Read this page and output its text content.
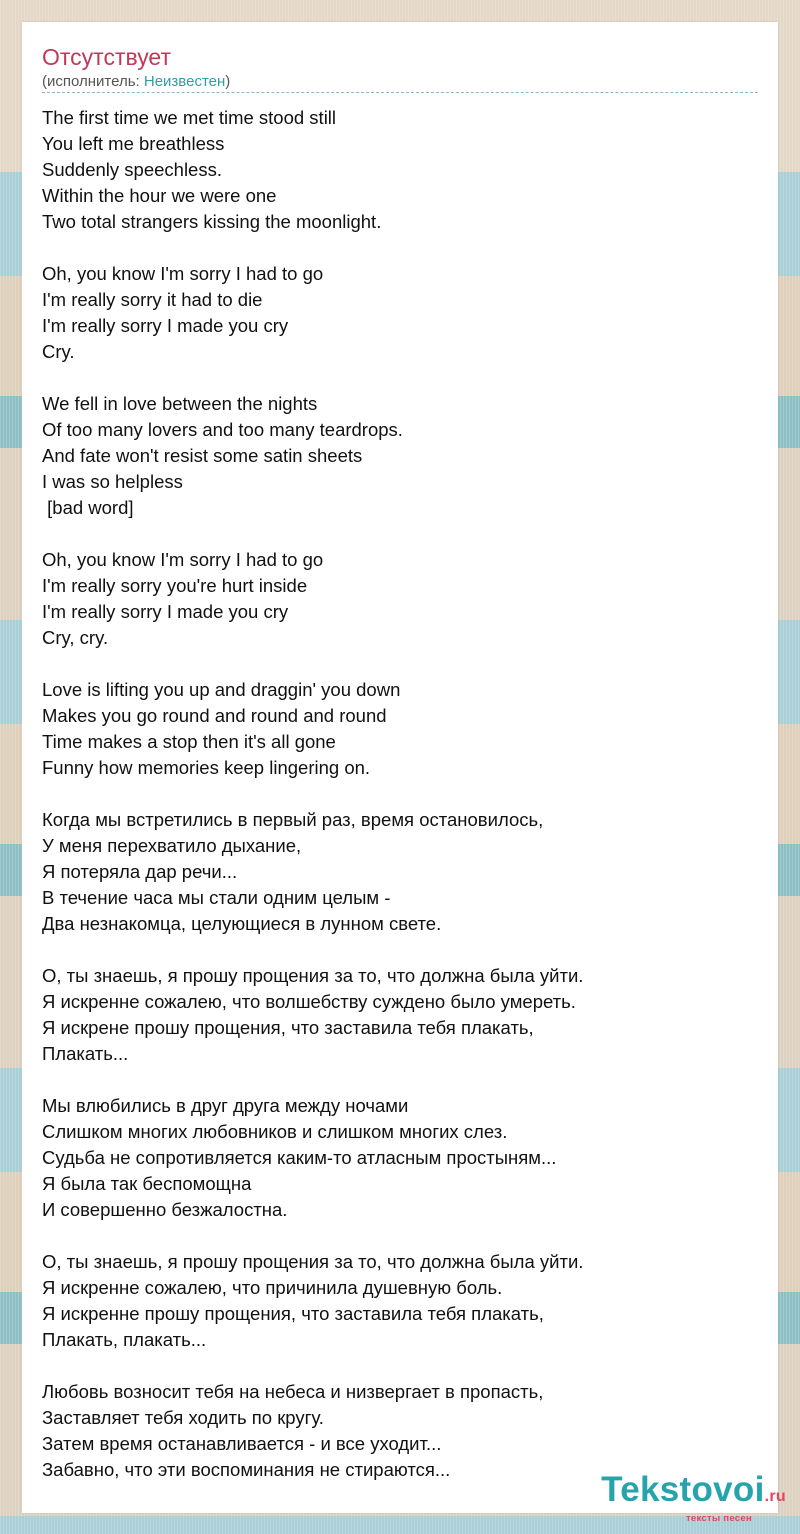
Отсутствует
(исполнитель: Неизвестен)
The first time we met time stood still
You left me breathless
Suddenly speechless.
Within the hour we were one
Two total strangers kissing the moonlight.
Oh, you know I'm sorry I had to go
I'm really sorry it had to die
I'm really sorry I made you cry
Cry.
We fell in love between the nights
Of too many lovers and too many teardrops.
And fate won't resist some satin sheets
I was so helpless
[bad word]
Oh, you know I'm sorry I had to go
I'm really sorry you're hurt inside
I'm really sorry I made you cry
Cry, cry.
Love is lifting you up and draggin' you down
Makes you go round and round and round
Time makes a stop then it's all gone
Funny how memories keep lingering on.
Когда мы встретились в первый раз, время остановилось,
У меня перехватило дыхание,
Я потеряла дар речи...
В течение часа мы стали одним целым -
Два незнакомца, целующиеся в лунном свете.
О, ты знаешь, я прошу прощения за то, что должна была уйти.
Я искренне сожалею, что волшебству суждено было умереть.
Я искрене прошу прощения, что заставила тебя плакать,
Плакать...
Мы влюбились в друг друга между ночами
Слишком многих любовников и слишком многих слез.
Судьба не сопротивляется каким-то атласным простыням...
Я была так беспомощна
И совершенно безжалостна.
О, ты знаешь, я прошу прощения за то, что должна была уйти.
Я искренне сожалею, что причинила душевную боль.
Я искренне прошу прощения, что заставила тебя плакать,
Плакать, плакать...
Любовь возносит тебя на небеса и низвергает в пропасть,
Заставляет тебя ходить по кругу.
Затем время останавливается - и все уходит...
Забавно, что эти воспоминания не стираются...
Tekstovoi.ru
тексты песен
